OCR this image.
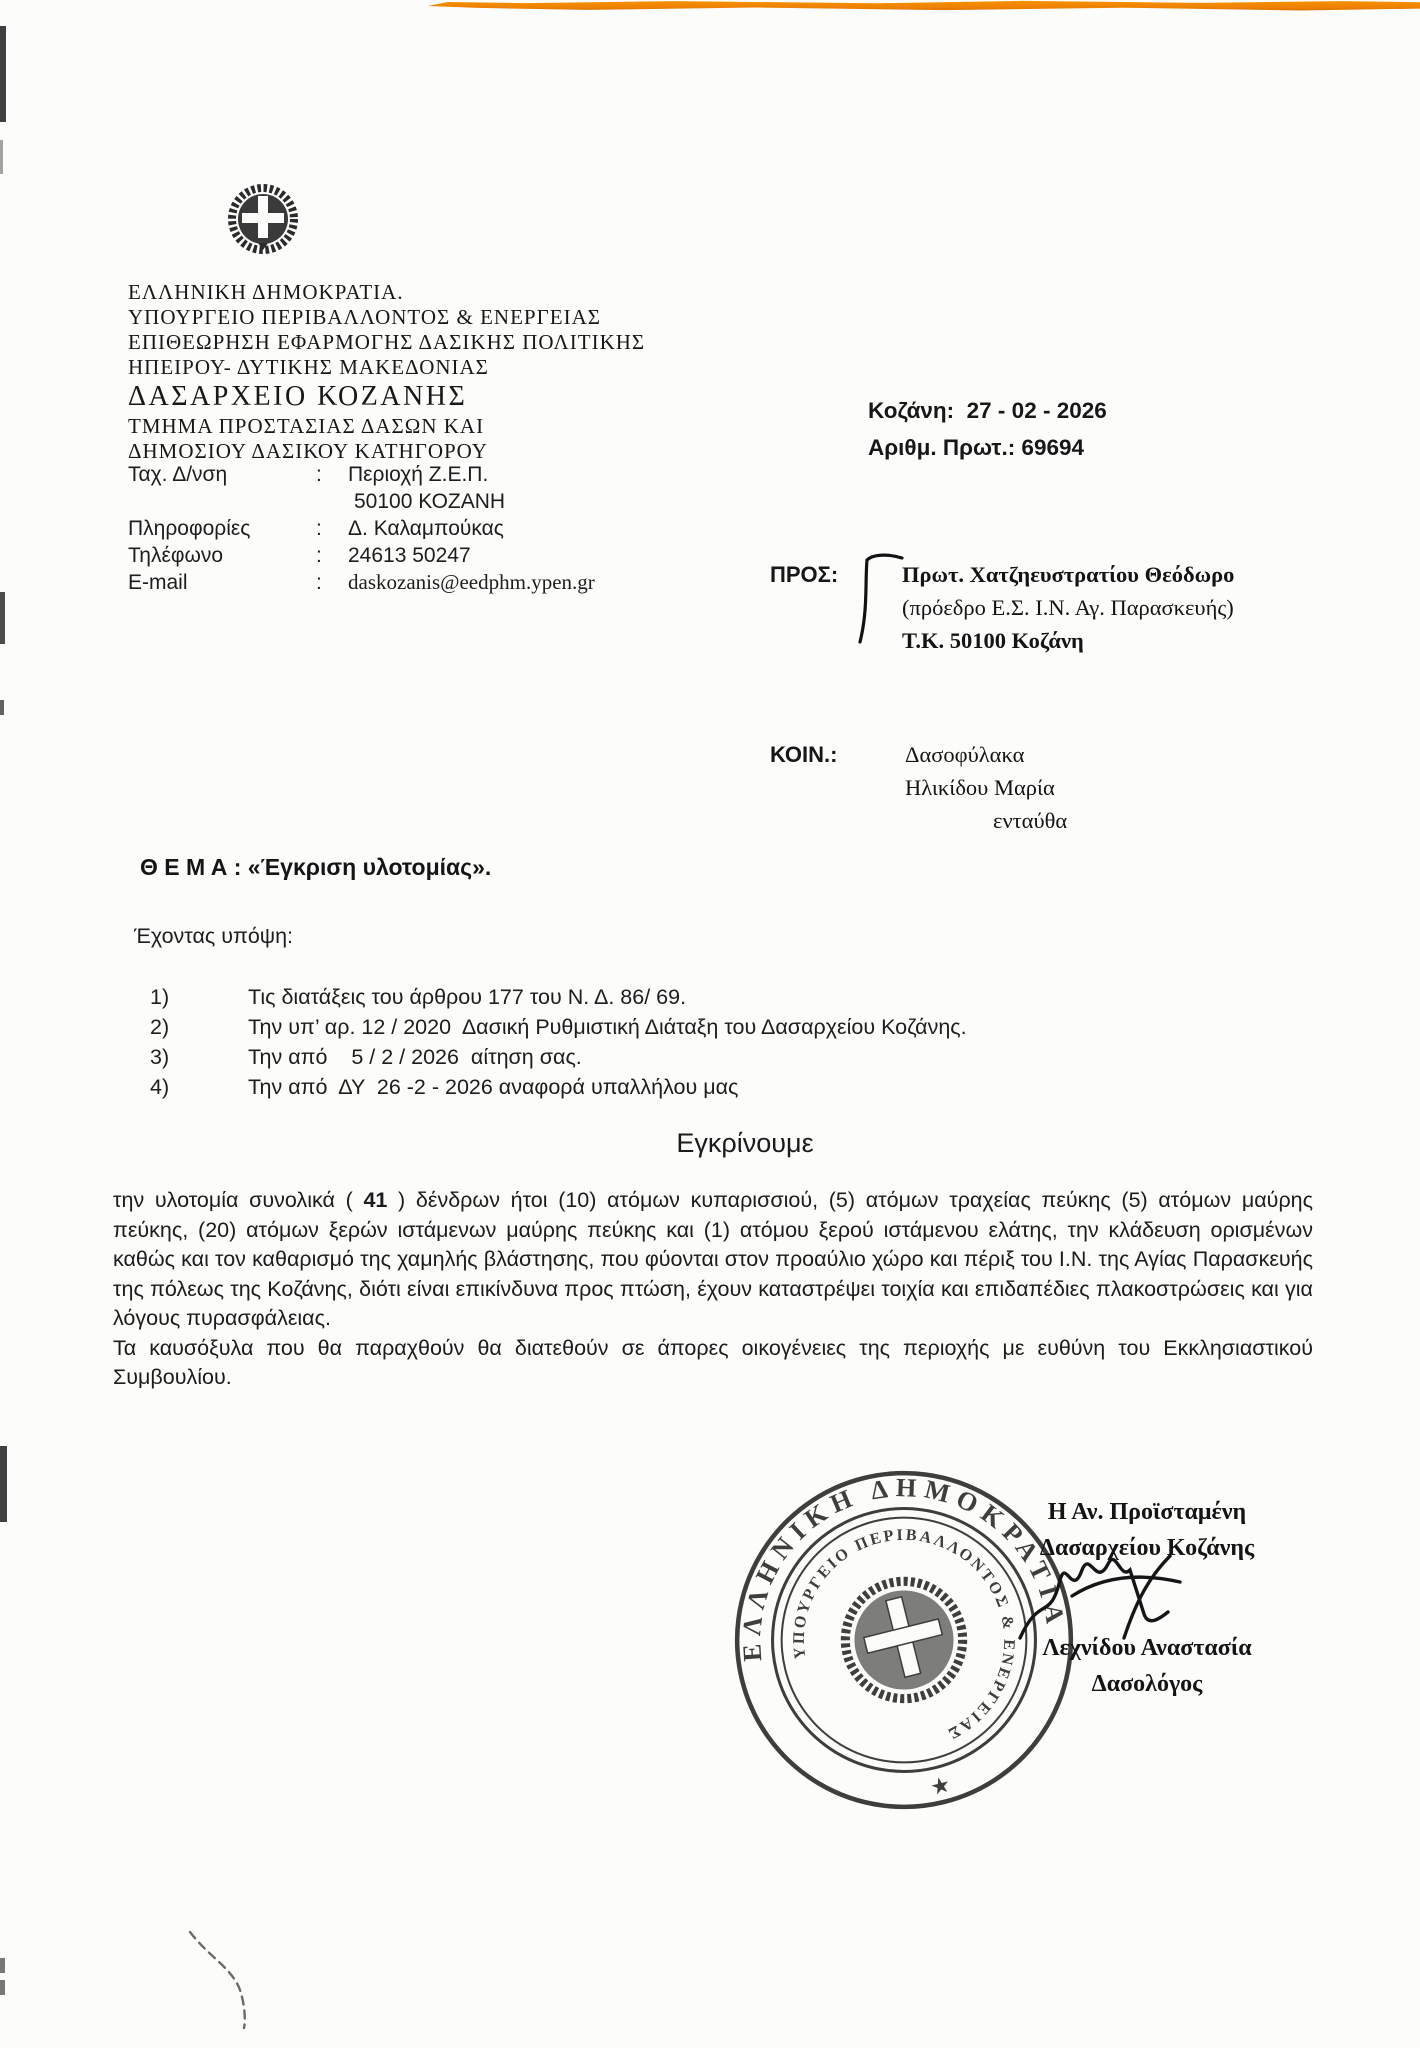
ΕΛΛΗΝΙΚΗ ΔΗΜΟΚΡΑΤΙΑ.
ΥΠΟΥΡΓΕΙΟ ΠΕΡΙΒΑΛΛΟΝΤΟΣ & ΕΝΕΡΓΕΙΑΣ
ΕΠΙΘΕΩΡΗΣΗ ΕΦΑΡΜΟΓΗΣ ΔΑΣΙΚΗΣ ΠΟΛΙΤΙΚΗΣ
ΗΠΕΙΡΟΥ- ΔΥΤΙΚΗΣ ΜΑΚΕΔΟΝΙΑΣ
ΔΑΣΑΡΧΕΙΟ ΚΟΖΑΝΗΣ
ΤΜΗΜΑ ΠΡΟΣΤΑΣΙΑΣ ΔΑΣΩΝ ΚΑΙ
ΔΗΜΟΣΙΟΥ ΔΑΣΙΚΟΥ ΚΑΤΗΓΟΡΟΥ
Ταχ. Δ/νση	:	Περιοχή Ζ.Ε.Π.
50100 ΚΟΖΑΝΗ
Πληροφορίες	:	Δ. Καλαμπούκας
Τηλέφωνο	:	24613 50247
E-mail	:	daskozanis@eedphm.ypen.gr
Κοζάνη:  27 - 02 - 2026
Αριθμ. Πρωτ.: 69694
ΠΡΟΣ:	Πρωτ. Χατζηευστρατίου Θεόδωρο
(πρόεδρο Ε.Σ. Ι.Ν. Αγ. Παρασκευής)
Τ.Κ. 50100 Κοζάνη
ΚΟΙΝ.:	Δασοφύλακα
Ηλικίδου Μαρία
ενταύθα
Θ Ε Μ Α : «Έγκριση υλοτομίας».
Έχοντας υπόψη:
1)	Τις διατάξεις του άρθρου 177 του Ν. Δ. 86/ 69.
2)	Την υπ’ αρ. 12 / 2020  Δασική Ρυθμιστική Διάταξη του Δασαρχείου Κοζάνης.
3)	Την από    5 / 2 / 2026  αίτηση σας.
4)	Την από  ΔΥ  26 -2 - 2026 αναφορά υπαλλήλου μας
Εγκρίνουμε
την υλοτομία συνολικά ( 41 ) δένδρων ήτοι (10) ατόμων κυπαρισσιού, (5) ατόμων τραχείας πεύκης (5) ατόμων μαύρης πεύκης, (20) ατόμων ξερών ιστάμενων μαύρης πεύκης και (1) ατόμου ξερού ιστάμενου ελάτης, την κλάδευση ορισμένων καθώς και τον καθαρισμό της χαμηλής βλάστησης, που φύονται στον προαύλιο χώρο και πέριξ του Ι.Ν. της Αγίας Παρασκευής της πόλεως της Κοζάνης, διότι είναι επικίνδυνα προς πτώση, έχουν καταστρέψει τοιχία και επιδαπέδιες πλακοστρώσεις και για λόγους πυρασφάλειας.
Τα καυσόξυλα που θα παραχθούν θα διατεθούν σε άπορες οικογένειες της περιοχής με ευθύνη του Εκκλησιαστικού Συμβουλίου.
ΕΛΛΗΝΙΚΗ ΔΗΜΟΚΡΑΤΙΑ
ΥΠΟΥΡΓΕΙΟ ΠΕΡΙΒΑΛΛΟΝΤΟΣ & ΕΝΕΡΓΕΙΑΣ
★
Η Αν. Προϊσταμένη
Δασαρχείου Κοζάνης
Λεχνίδου Αναστασία
Δασολόγος
